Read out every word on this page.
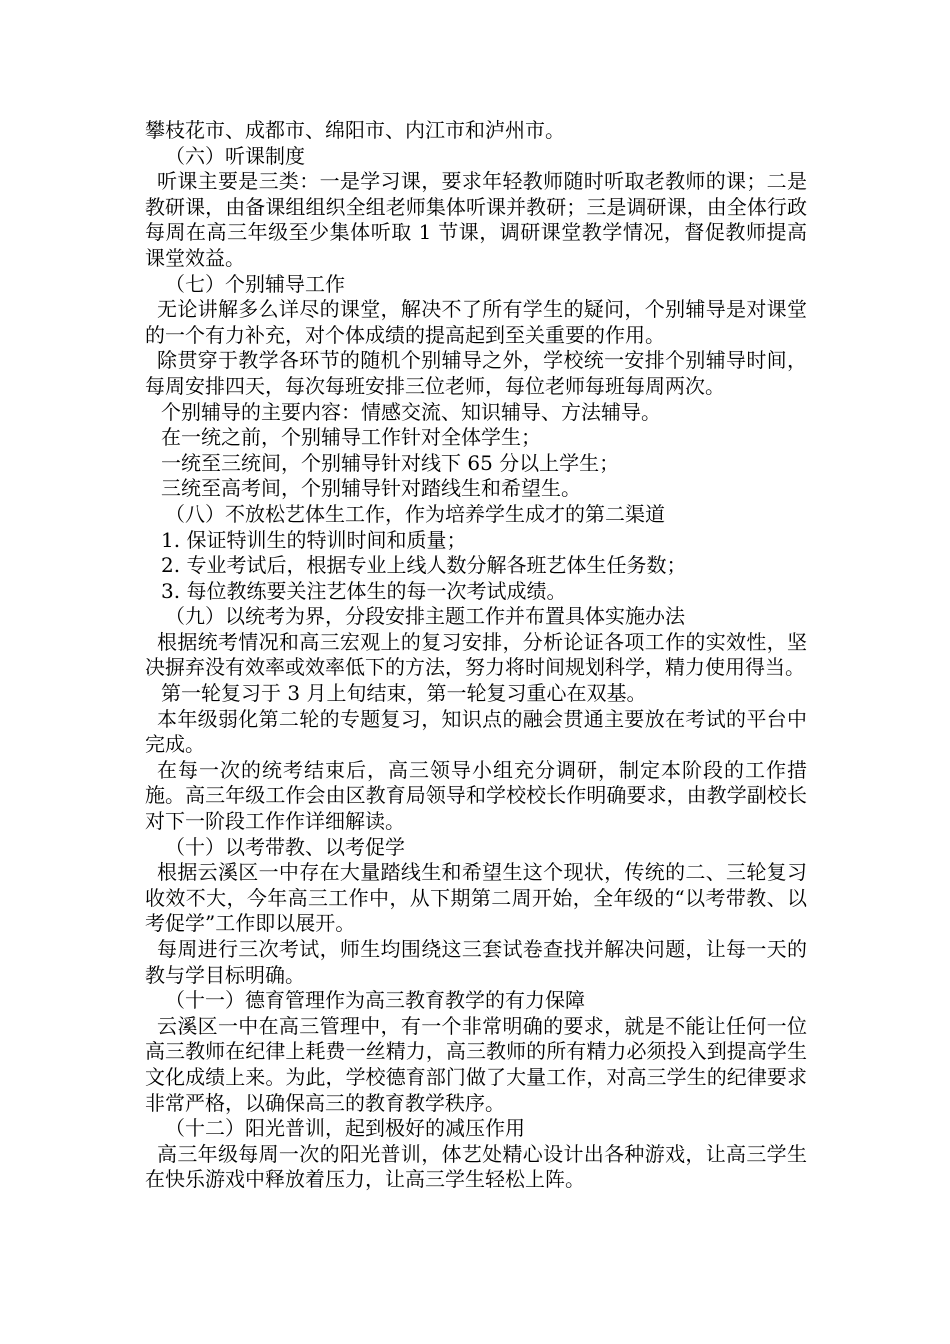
攀枝花市、成都市、绵阳市、内江市和泸州市。

（六）听课制度

听课主要是三类：一是学习课，要求年轻教师随时听取老教师的课；二是教研课，由备课组组织全组老师集体听课并教研；三是调研课，由全体行政每周在高三年级至少集体听取 1 节课，调研课堂教学情况，督促教师提高课堂效益。

（七）个别辅导工作

无论讲解多么详尽的课堂，解决不了所有学生的疑问，个别辅导是对课堂的一个有力补充，对个体成绩的提高起到至关重要的作用。

除贯穿于教学各环节的随机个别辅导之外，学校统一安排个别辅导时间，每周安排四天，每次每班安排三位老师，每位老师每班每周两次。

个别辅导的主要内容：情感交流、知识辅导、方法辅导。

在一统之前，个别辅导工作针对全体学生；

一统至三统间，个别辅导针对线下 65 分以上学生；

三统至高考间，个别辅导针对踏线生和希望生。

（八）不放松艺体生工作，作为培养学生成才的第二渠道

1. 保证特训生的特训时间和质量；

2. 专业考试后，根据专业上线人数分解各班艺体生任务数；

3. 每位教练要关注艺体生的每一次考试成绩。

（九）以统考为界，分段安排主题工作并布置具体实施办法

根据统考情况和高三宏观上的复习安排，分析论证各项工作的实效性，坚决摒弃没有效率或效率低下的方法，努力将时间规划科学，精力使用得当。

第一轮复习于 3 月上旬结束，第一轮复习重心在双基。

本年级弱化第二轮的专题复习，知识点的融会贯通主要放在考试的平台中完成。

在每一次的统考结束后，高三领导小组充分调研，制定本阶段的工作措施。高三年级工作会由区教育局领导和学校校长作明确要求，由教学副校长对下一阶段工作作详细解读。

（十）以考带教、以考促学

根据云溪区一中存在大量踏线生和希望生这个现状，传统的二、三轮复习收效不大，今年高三工作中，从下期第二周开始，全年级的“以考带教、以考促学”工作即以展开。

每周进行三次考试，师生均围绕这三套试卷查找并解决问题，让每一天的教与学目标明确。

（十一）德育管理作为高三教育教学的有力保障

云溪区一中在高三管理中，有一个非常明确的要求，就是不能让任何一位高三教师在纪律上耗费一丝精力，高三教师的所有精力必须投入到提高学生文化成绩上来。为此，学校德育部门做了大量工作，对高三学生的纪律要求非常严格，以确保高三的教育教学秩序。

（十二）阳光普训，起到极好的减压作用

高三年级每周一次的阳光普训，体艺处精心设计出各种游戏，让高三学生在快乐游戏中释放着压力，让高三学生轻松上阵。
